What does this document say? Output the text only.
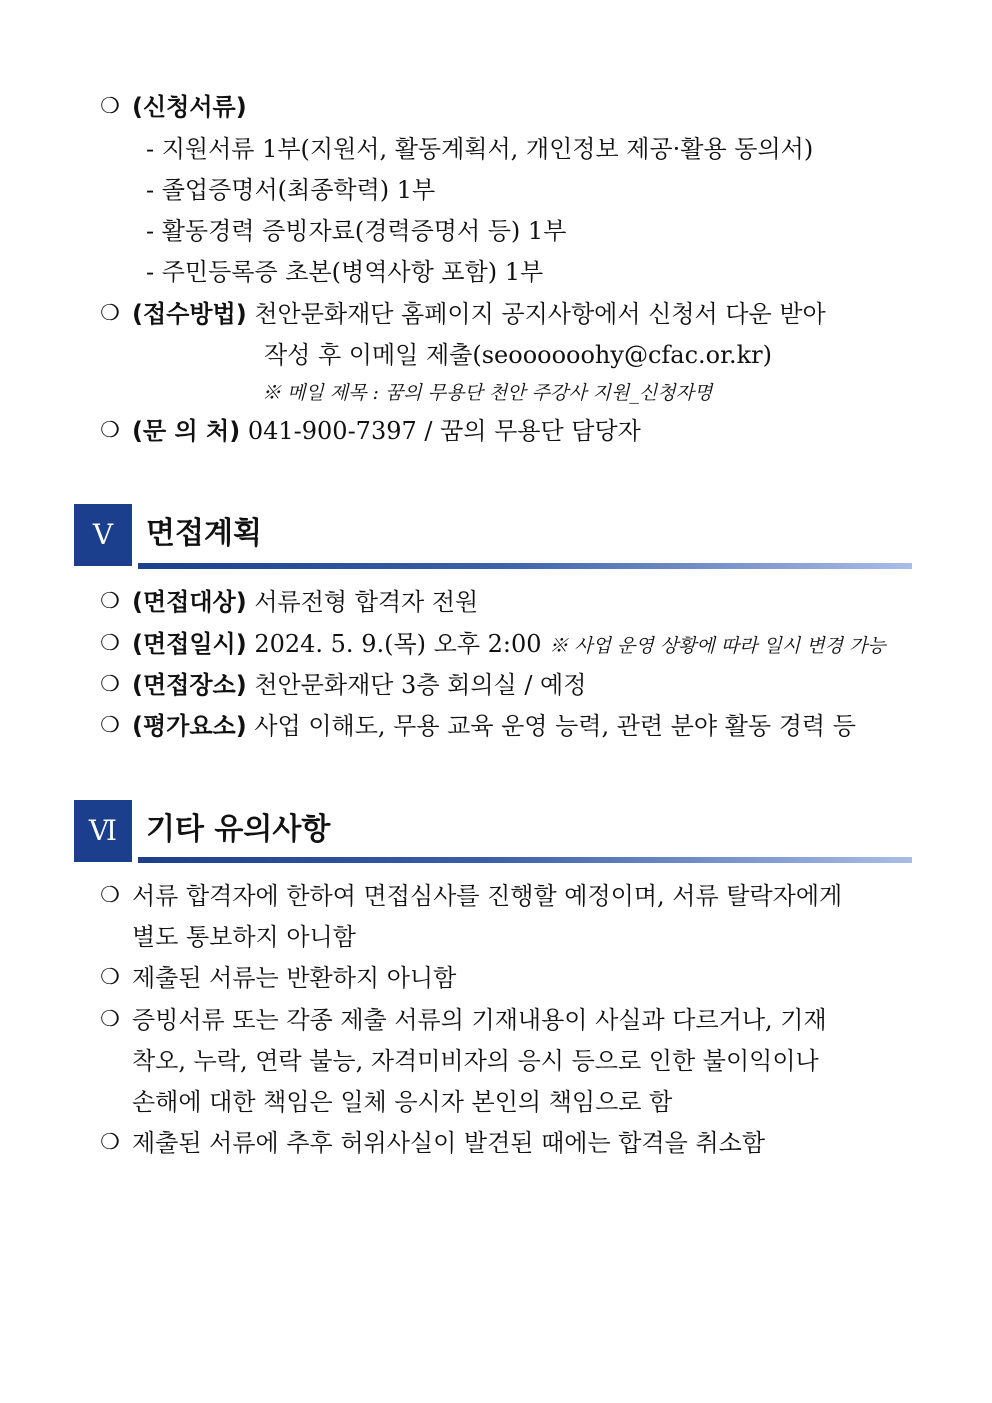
❍ (신청서류)
- 지원서류 1부(지원서, 활동계획서, 개인정보 제공·활용 동의서)
- 졸업증명서(최종학력) 1부
- 활동경력 증빙자료(경력증명서 등) 1부
- 주민등록증 초본(병역사항 포함) 1부
❍ (접수방법) 천안문화재단 홈페이지 공지사항에서 신청서 다운 받아
작성 후 이메일 제출(seoooooohy@cfac.or.kr)
※ 메일 제목 : 꿈의 무용단 천안 주강사 지원_신청자명
❍ (문 의 처) 041-900-7397 / 꿈의 무용단 담당자
Ⅴ	면접계획
❍ (면접대상) 서류전형 합격자 전원
❍ (면접일시) 2024. 5. 9.(목) 오후 2:00 ※ 사업 운영 상황에 따라 일시 변경 가능
❍ (면접장소) 천안문화재단 3층 회의실 / 예정
❍ (평가요소) 사업 이해도, 무용 교육 운영 능력, 관련 분야 활동 경력 등
Ⅵ 기타 유의사항
❍ 서류 합격자에 한하여 면접심사를 진행할 예정이며, 서류 탈락자에게
별도 통보하지 아니함
❍ 제출된 서류는 반환하지 아니함
❍ 증빙서류 또는 각종 제출 서류의 기재내용이 사실과 다르거나, 기재
착오, 누락, 연락 불능, 자격미비자의 응시 등으로 인한 불이익이나
손해에 대한 책임은 일체 응시자 본인의 책임으로 함
❍ 제출된 서류에 추후 허위사실이 발견된 때에는 합격을 취소함
